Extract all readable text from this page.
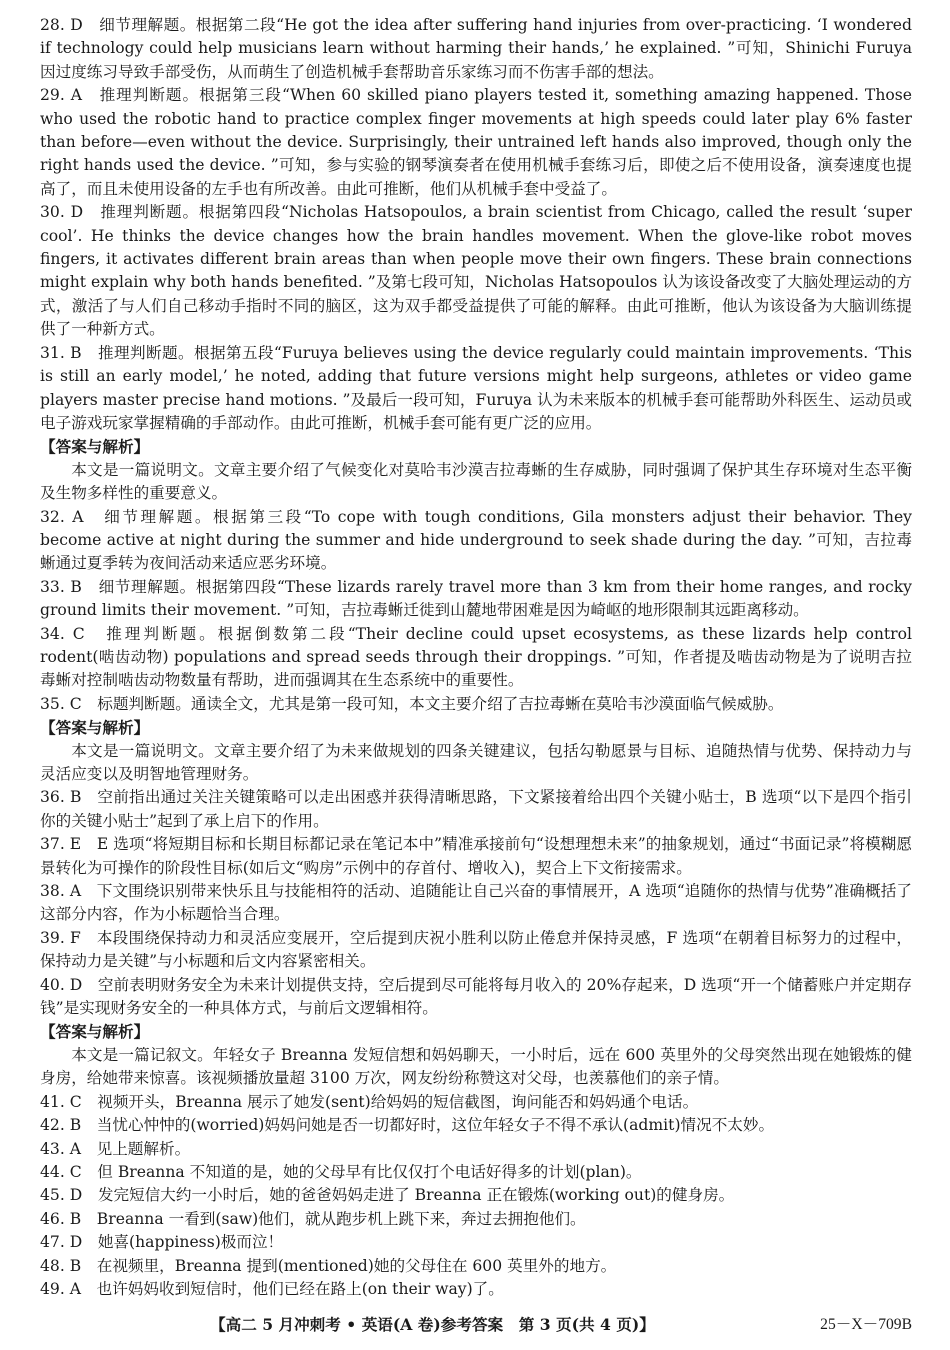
28. D　细节理解题。根据第二段“He got the idea after suffering hand injuries from over-practicing. ‘I wondered if technology could help musicians learn without harming their hands,’ he explained. ”可知，Shinichi Furuya 因过度练习导致手部受伤，从而萌生了创造机械手套帮助音乐家练习而不伤害手部的想法。

29. A　推理判断题。根据第三段“When 60 skilled piano players tested it, something amazing happened. Those who used the robotic hand to practice complex finger movements at high speeds could later play 6% faster than before—even without the device. Surprisingly, their untrained left hands also improved, though only the right hands used the device. ”可知，参与实验的钢琴演奏者在使用机械手套练习后，即使之后不使用设备，演奏速度也提高了，而且未使用设备的左手也有所改善。由此可推断，他们从机械手套中受益了。

30. D　推理判断题。根据第四段“Nicholas Hatsopoulos, a brain scientist from Chicago, called the result ‘super cool’. He thinks the device changes how the brain handles movement. When the glove-like robot moves fingers, it activates different brain areas than when people move their own fingers. These brain connections might explain why both hands benefited. ”及第七段可知，Nicholas Hatsopoulos 认为该设备改变了大脑处理运动的方式，激活了与人们自己移动手指时不同的脑区，这为双手都受益提供了可能的解释。由此可推断，他认为该设备为大脑训练提供了一种新方式。

31. B　推理判断题。根据第五段“Furuya believes using the device regularly could maintain improvements. ‘This is still an early model,’ he noted, adding that future versions might help surgeons, athletes or video game players master precise hand motions. ”及最后一段可知，Furuya 认为未来版本的机械手套可能帮助外科医生、运动员或电子游戏玩家掌握精确的手部动作。由此可推断，机械手套可能有更广泛的应用。

【答案与解析】

本文是一篇说明文。文章主要介绍了气候变化对莫哈韦沙漠吉拉毒蜥的生存威胁，同时强调了保护其生存环境对生态平衡及生物多样性的重要意义。

32. A　细节理解题。根据第三段“To cope with tough conditions, Gila monsters adjust their behavior. They become active at night during the summer and hide underground to seek shade during the day. ”可知，吉拉毒蜥通过夏季转为夜间活动来适应恶劣环境。

33. B　细节理解题。根据第四段“These lizards rarely travel more than 3 km from their home ranges, and rocky ground limits their movement. ”可知，吉拉毒蜥迁徙到山麓地带困难是因为崎岖的地形限制其远距离移动。

34. C　推理判断题。根据倒数第二段“Their decline could upset ecosystems, as these lizards help control rodent(啮齿动物) populations and spread seeds through their droppings. ”可知，作者提及啮齿动物是为了说明吉拉毒蜥对控制啮齿动物数量有帮助，进而强调其在生态系统中的重要性。

35. C　标题判断题。通读全文，尤其是第一段可知，本文主要介绍了吉拉毒蜥在莫哈韦沙漠面临气候威胁。

【答案与解析】

本文是一篇说明文。文章主要介绍了为未来做规划的四条关键建议，包括勾勒愿景与目标、追随热情与优势、保持动力与灵活应变以及明智地管理财务。

36. B　空前指出通过关注关键策略可以走出困惑并获得清晰思路，下文紧接着给出四个关键小贴士，B 选项“以下是四个指引你的关键小贴士”起到了承上启下的作用。

37. E　E 选项“将短期目标和长期目标都记录在笔记本中”精准承接前句“设想理想未来”的抽象规划，通过“书面记录”将模糊愿景转化为可操作的阶段性目标(如后文“购房”示例中的存首付、增收入)，契合上下文衔接需求。

38. A　下文围绕识别带来快乐且与技能相符的活动、追随能让自己兴奋的事情展开，A 选项“追随你的热情与优势”准确概括了这部分内容，作为小标题恰当合理。

39. F　本段围绕保持动力和灵活应变展开，空后提到庆祝小胜利以防止倦怠并保持灵感，F 选项“在朝着目标努力的过程中，保持动力是关键”与小标题和后文内容紧密相关。

40. D　空前表明财务安全为未来计划提供支持，空后提到尽可能将每月收入的 20%存起来，D 选项“开一个储蓄账户并定期存钱”是实现财务安全的一种具体方式，与前后文逻辑相符。

【答案与解析】

本文是一篇记叙文。年轻女子 Breanna 发短信想和妈妈聊天，一小时后，远在 600 英里外的父母突然出现在她锻炼的健身房，给她带来惊喜。该视频播放量超 3100 万次，网友纷纷称赞这对父母，也羡慕他们的亲子情。

41. C　视频开头，Breanna 展示了她发(sent)给妈妈的短信截图，询问能否和妈妈通个电话。

42. B　当忧心忡忡的(worried)妈妈问她是否一切都好时，这位年轻女子不得不承认(admit)情况不太妙。

43. A　见上题解析。

44. C　但 Breanna 不知道的是，她的父母早有比仅仅打个电话好得多的计划(plan)。

45. D　发完短信大约一小时后，她的爸爸妈妈走进了 Breanna 正在锻炼(working out)的健身房。

46. B　Breanna 一看到(saw)他们，就从跑步机上跳下来，奔过去拥抱他们。

47. D　她喜(happiness)极而泣！

48. B　在视频里，Breanna 提到(mentioned)她的父母住在 600 英里外的地方。

49. A　也许妈妈收到短信时，他们已经在路上(on their way)了。

【高二 5 月冲刺考 • 英语(A 卷)参考答案　第 3 页(共 4 页)】	25－X－709B
